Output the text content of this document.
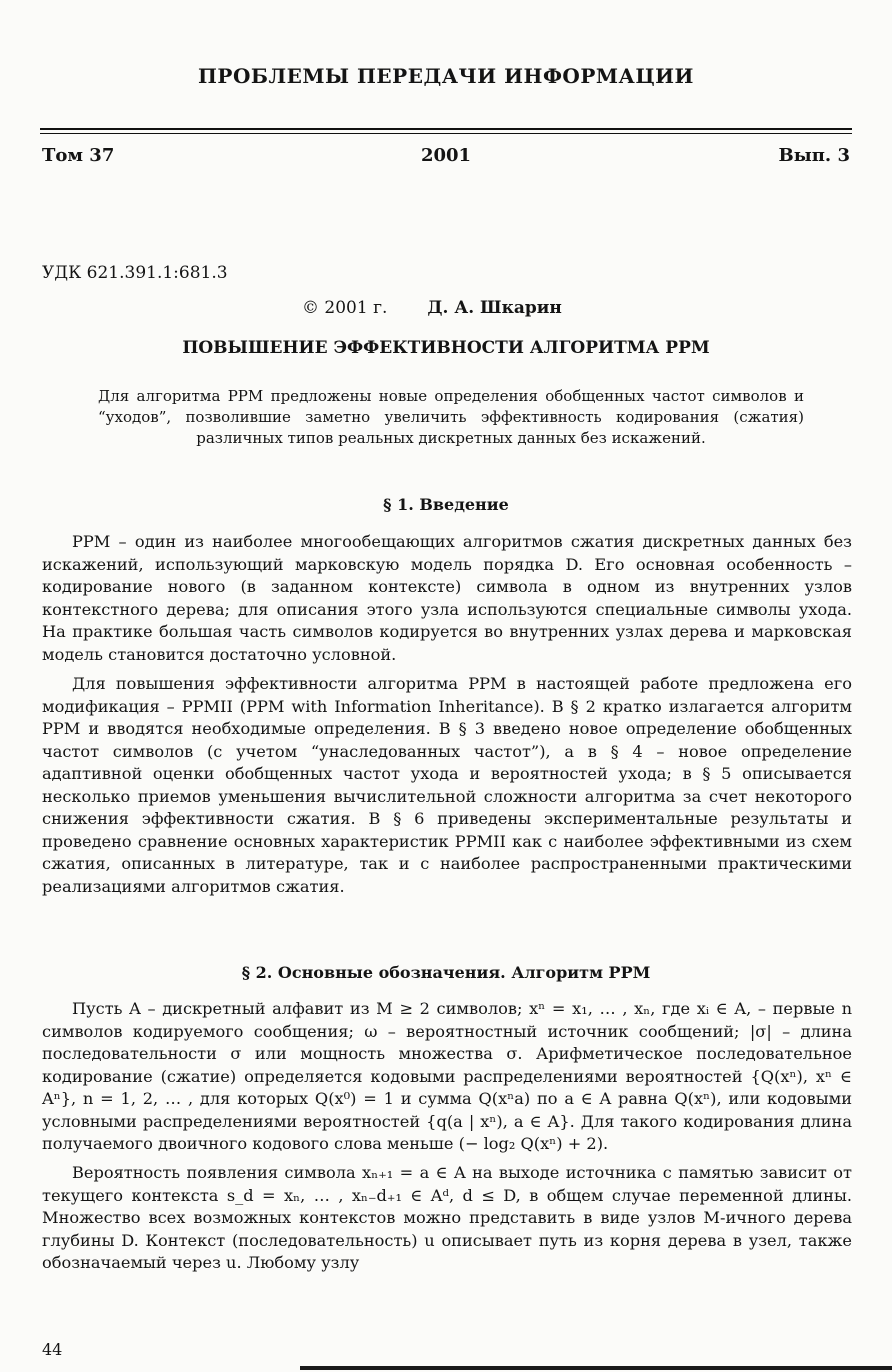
ПРОБЛЕМЫ ПЕРЕДАЧИ ИНФОРМАЦИИ
Том 37	2001	Вып. 3
УДК 621.391.1:681.3
© 2001 г. Д. А. Шкарин
ПОВЫШЕНИЕ ЭФФЕКТИВНОСТИ АЛГОРИТМА PPM
Для алгоритма PPM предложены новые определения обобщенных частот символов и “уходов”, позволившие заметно увеличить эффективность кодирования (сжатия) различных типов реальных дискретных данных без искажений.
§ 1. Введение
PPM – один из наиболее многообещающих алгоритмов сжатия дискретных данных без искажений, использующий марковскую модель порядка D. Его основная особенность – кодирование нового (в заданном контексте) символа в одном из внутренних узлов контекстного дерева; для описания этого узла используются специальные символы ухода. На практике большая часть символов кодируется во внутренних узлах дерева и марковская модель становится достаточно условной.
Для повышения эффективности алгоритма PPM в настоящей работе предложена его модификация – PPMII (PPM with Information Inheritance). В § 2 кратко излагается алгоритм PPM и вводятся необходимые определения. В § 3 введено новое определение обобщенных частот символов (с учетом “унаследованных частот”), а в § 4 – новое определение адаптивной оценки обобщенных частот ухода и вероятностей ухода; в § 5 описывается несколько приемов уменьшения вычислительной сложности алгоритма за счет некоторого снижения эффективности сжатия. В § 6 приведены экспериментальные результаты и проведено сравнение основных характеристик PPMII как с наиболее эффективными из схем сжатия, описанных в литературе, так и с наиболее распространенными практическими реализациями алгоритмов сжатия.
§ 2. Основные обозначения. Алгоритм PPM
Пусть A – дискретный алфавит из M ≥ 2 символов; xⁿ = x₁, … , xₙ, где xᵢ ∈ A, – первые n символов кодируемого сообщения; ω – вероятностный источник сообщений; |σ| – длина последовательности σ или мощность множества σ. Арифметическое последовательное кодирование (сжатие) определяется кодовыми распределениями вероятностей {Q(xⁿ), xⁿ ∈ Aⁿ}, n = 1, 2, … , для которых Q(x⁰) = 1 и сумма Q(xⁿa) по a ∈ A равна Q(xⁿ), или кодовыми условными распределениями вероятностей {q(a | xⁿ), a ∈ A}. Для такого кодирования длина получаемого двоичного кодового слова меньше (− log₂ Q(xⁿ) + 2).
Вероятность появления символа xₙ₊₁ = a ∈ A на выходе источника с памятью зависит от текущего контекста s_d = xₙ, … , xₙ₋d₊₁ ∈ Aᵈ, d ≤ D, в общем случае переменной длины. Множество всех возможных контекстов можно представить в виде узлов M-ичного дерева глубины D. Контекст (последовательность) u описывает путь из корня дерева в узел, также обозначаемый через u. Любому узлу
44
